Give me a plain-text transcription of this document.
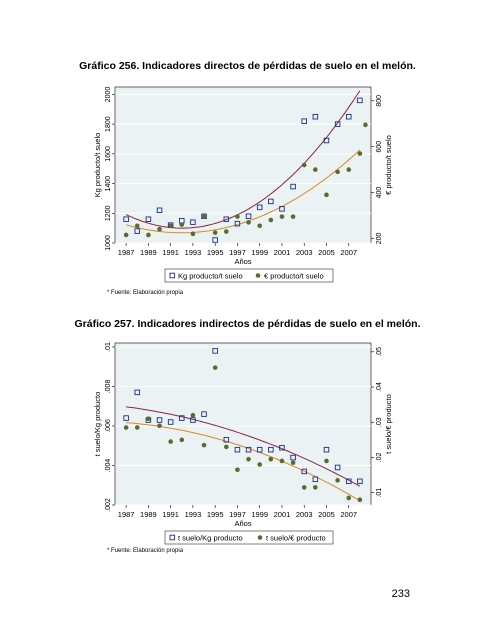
Gráfico 256. Indicadores directos de pérdidas de suelo en el melón.
Gráfico 257. Indicadores indirectos de pérdidas de suelo en el melón.
1000
1200
1400
1600
1800
2000
200
400
600
800
1987 1989 1991 1993 1995 1997 1999 2001 2003 2005 2007
Años
Kg producto/t suelo	€ producto/t suelo
Kg producto/t suelo	€ producto/t suelo
* Fuente: Elaboración propia
.002
.004
.006
.008
.01
.01
.02
.03
.04
.05
1987 1989 1991 1993 1995 1997 1999 2001 2003 2005 2007
Años
t suelo/Kg producto	t suelo/€ producto
t suelo/Kg producto	t suelo/€ producto
* Fuente: Elaboración propia
233
